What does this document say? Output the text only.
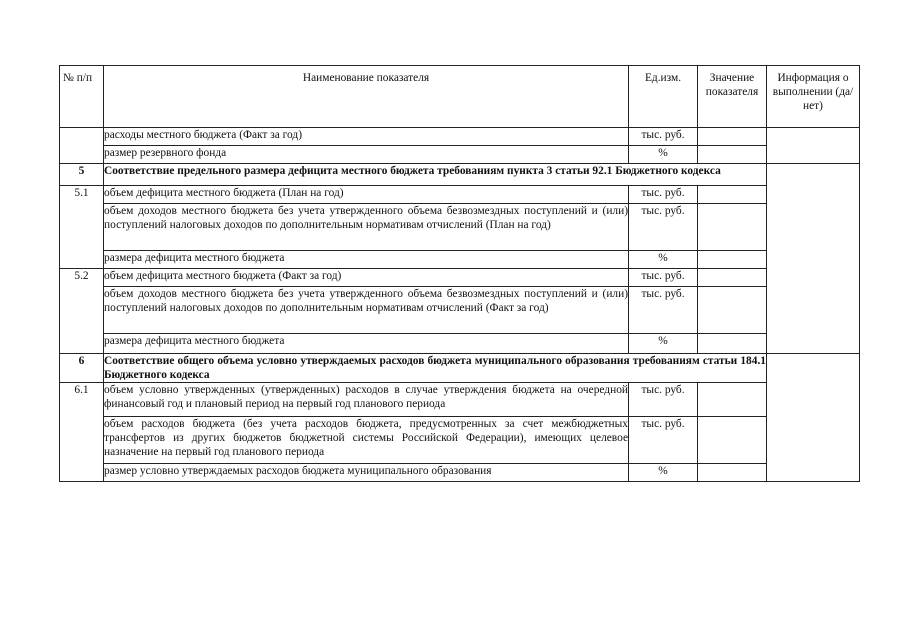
№ п/п	Наименование показателя	Ед.изм.	Значение показателя	Информация о выполнении (да/ нет)
	расходы местного бюджета (Факт за год)	тыс. руб.		
	размер резервного фонда	%		
5	Соответствие предельного размера дефицита местного бюджета требованиям пункта 3 статьи 92.1 Бюджетного кодекса			
5.1	объем дефицита местного бюджета (План на год)	тыс. руб.		
	объем доходов местного бюджета без учета утвержденного объема безвозмездных поступлений и (или) поступлений налоговых доходов по дополнительным нормативам отчислений (План на год)	тыс. руб.		
	размера дефицита местного бюджета	%		
5.2	объем дефицита местного бюджета (Факт за год)	тыс. руб.		
	объем доходов местного бюджета без учета утвержденного объема безвозмездных поступлений и (или) поступлений налоговых доходов по дополнительным нормативам отчислений (Факт за год)	тыс. руб.		
	размера дефицита местного бюджета	%		
6	Соответствие общего объема условно утверждаемых расходов бюджета муниципального образования требованиям статьи 184.1 Бюджетного кодекса			
6.1	объем условно утвержденных (утвержденных) расходов в случае утверждения бюджета на очередной финансовый год и плановый период на первый год планового периода	тыс. руб.		
	объем расходов бюджета (без учета расходов бюджета, предусмотренных за счет межбюджетных трансфертов из других бюджетов бюджетной системы Российской Федерации), имеющих целевое назначение на первый год планового периода	тыс. руб.		
	размер условно утверждаемых расходов бюджета муниципального образования	%		
